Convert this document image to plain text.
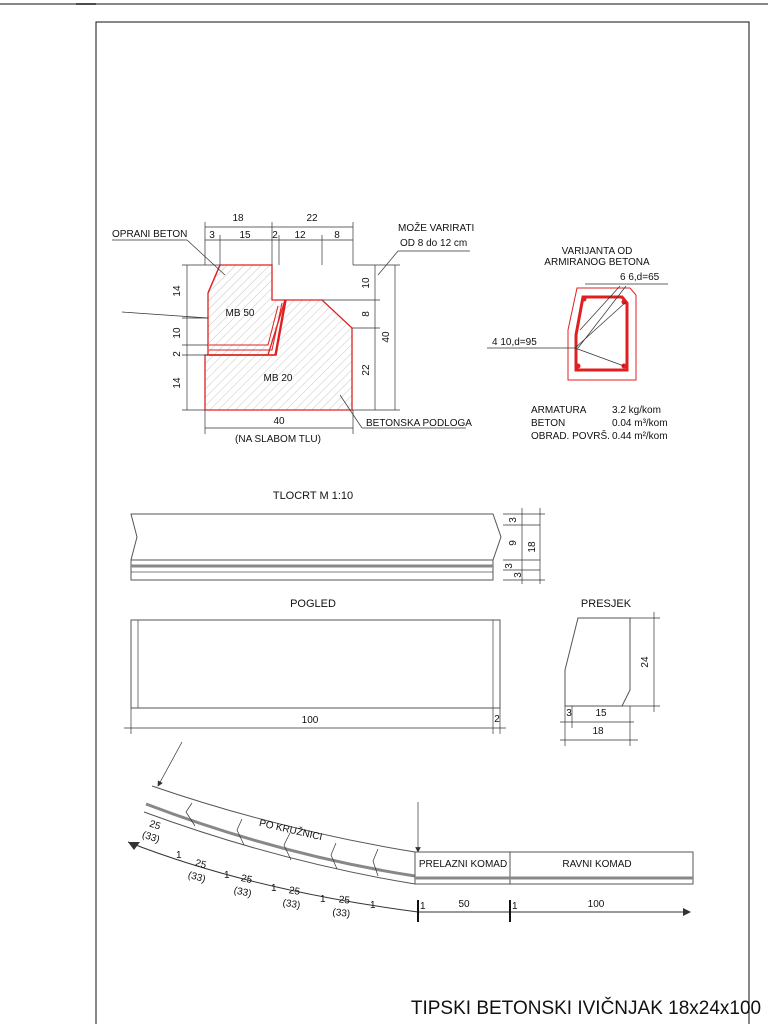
MB 50
MB 20
18	22
3 15 2 12	8
14
10
2
14
10
8
22
40
40
(NA SLABOM TLU)
OPRANI BETON
MOŽE VARIRATI
OD 8 do 12 cm
BETONSKA PODLOGA
VARIJANTA OD
ARMIRANOG BETONA
6 6,d=65
4 10,d=95
ARMATURA	3.2 kg/kom
BETON	0.04 m³/kom
OBRAD. POVRŠ. 0.44 m²/kom
TLOCRT M 1:10
3
9 18
3
3
POGLED
100	2
PRESJEK
24
3 15
18
PO KRUŽNICI
PRELAZNI KOMAD	RAVNI KOMAD
25
(33)
25
(33)	25
(33)	25
(33)	25
(33)
1
1
1
1
1	1	1
50	100
TIPSKI BETONSKI IVIČNJAK 18x24x100
